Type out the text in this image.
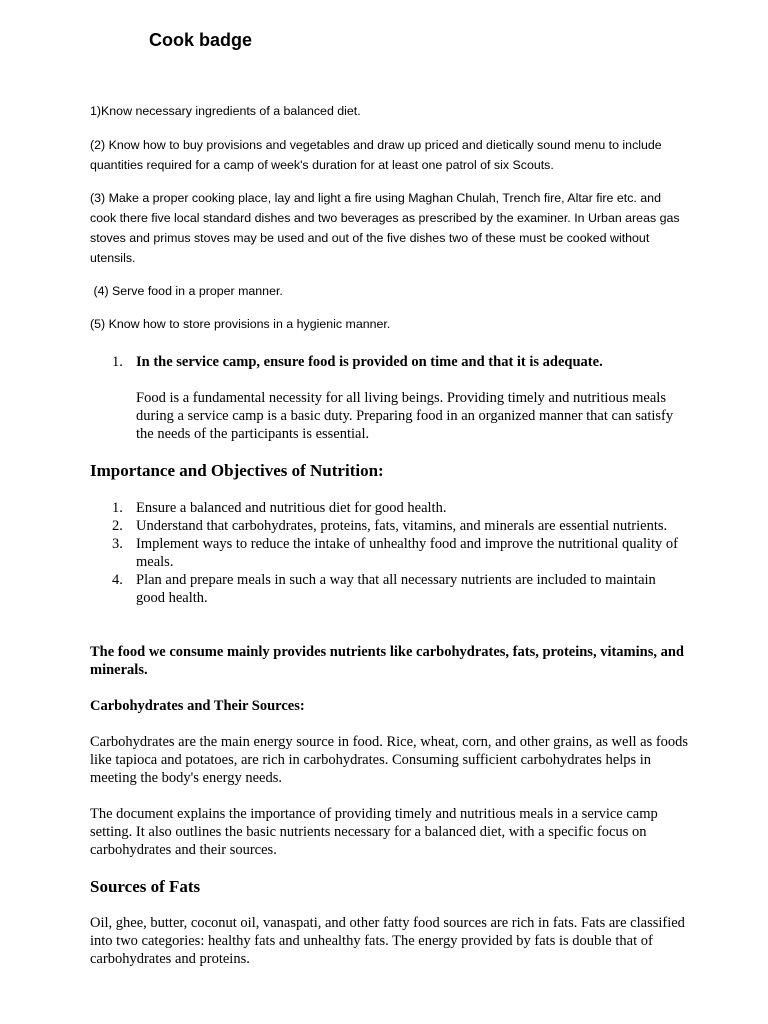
Cook badge

1)Know necessary ingredients of a balanced diet.

(2) Know how to buy provisions and vegetables and draw up priced and dietically sound menu to include quantities required for a camp of week's duration for at least one patrol of six Scouts.

(3) Make a proper cooking place, lay and light a fire using Maghan Chulah, Trench fire, Altar fire etc. and cook there five local standard dishes and two beverages as prescribed by the examiner. In Urban areas gas stoves and primus stoves may be used and out of the five dishes two of these must be cooked without utensils.

(4) Serve food in a proper manner.

(5) Know how to store provisions in a hygienic manner.

1. In the service camp, ensure food is provided on time and that it is adequate.

Food is a fundamental necessity for all living beings. Providing timely and nutritious meals during a service camp is a basic duty. Preparing food in an organized manner that can satisfy the needs of the participants is essential.

Importance and Objectives of Nutrition:
1. Ensure a balanced and nutritious diet for good health.
2. Understand that carbohydrates, proteins, fats, vitamins, and minerals are essential nutrients.
3. Implement ways to reduce the intake of unhealthy food and improve the nutritional quality of meals.
4. Plan and prepare meals in such a way that all necessary nutrients are included to maintain good health.

The food we consume mainly provides nutrients like carbohydrates, fats, proteins, vitamins, and minerals.

Carbohydrates and Their Sources:

Carbohydrates are the main energy source in food. Rice, wheat, corn, and other grains, as well as foods like tapioca and potatoes, are rich in carbohydrates. Consuming sufficient carbohydrates helps in meeting the body's energy needs.

The document explains the importance of providing timely and nutritious meals in a service camp setting. It also outlines the basic nutrients necessary for a balanced diet, with a specific focus on carbohydrates and their sources.

Sources of Fats

Oil, ghee, butter, coconut oil, vanaspati, and other fatty food sources are rich in fats. Fats are classified into two categories: healthy fats and unhealthy fats. The energy provided by fats is double that of carbohydrates and proteins.
